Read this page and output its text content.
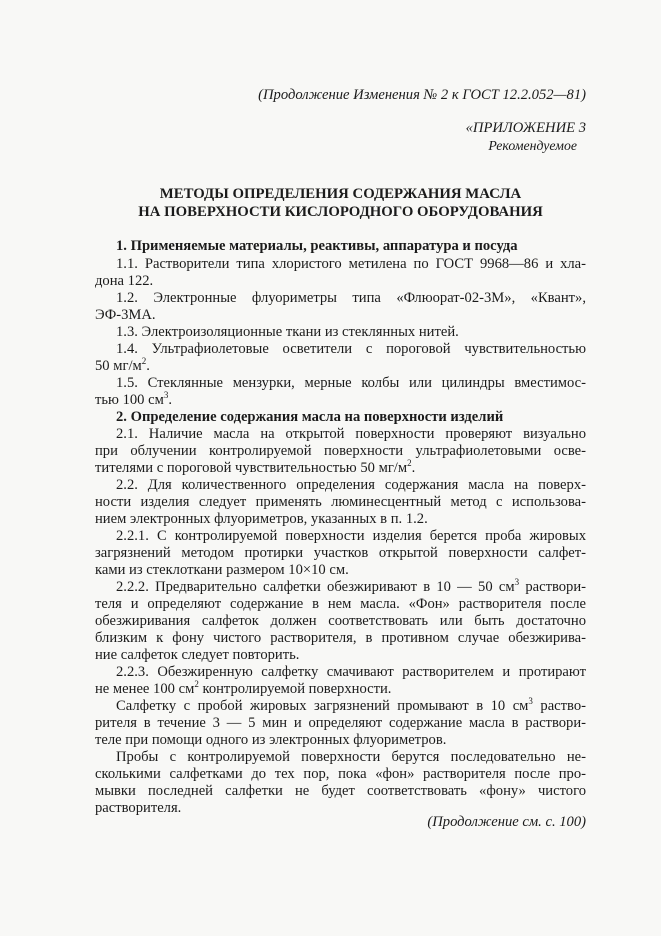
(Продолжение Изменения № 2 к ГОСТ 12.2.052—81)
«ПРИЛОЖЕНИЕ 3
Рекомендуемое
МЕТОДЫ ОПРЕДЕЛЕНИЯ СОДЕРЖАНИЯ МАСЛА
НА ПОВЕРХНОСТИ КИСЛОРОДНОГО ОБОРУДОВАНИЯ
1. Применяемые материалы, реактивы, аппаратура и посуда
1.1. Растворители типа хлористого метилена по ГОСТ 9968—86 и хла-
дона 122.
1.2. Электронные флуориметры типа «Флюорат-02-3М», «Квант»,
ЭФ-3МА.
1.3. Электроизоляционные ткани из стеклянных нитей.
1.4. Ультрафиолетовые осветители с пороговой чувствительностью
50 $мг/м^2$.
1.5. Стеклянные мензурки, мерные колбы или цилиндры вместимос-
тью 100 $см^3$.
2. Определение содержания масла на поверхности изделий
2.1. Наличие масла на открытой поверхности проверяют визуально
при облучении контролируемой поверхности ультрафиолетовыми осве-
тителями с пороговой чувствительностью 50 $мг/м^2$.
2.2. Для количественного определения содержания масла на поверх-
ности изделия следует применять люминесцентный метод с использова-
нием электронных флуориметров, указанных в п. 1.2.
2.2.1. С контролируемой поверхности изделия берется проба жировых
загрязнений методом протирки участков открытой поверхности салфет-
ками из стеклоткани размером 10×10 см.
2.2.2. Предварительно салфетки обезжиривают в 10 — 50 $см^3$ раствори-
теля и определяют содержание в нем масла. «Фон» растворителя после
обезжиривания салфеток должен соответствовать или быть достаточно
близким к фону чистого растворителя, в противном случае обезжирива-
ние салфеток следует повторить.
2.2.3. Обезжиренную салфетку смачивают растворителем и протирают
не менее 100 $см^2$ контролируемой поверхности.
Салфетку с пробой жировых загрязнений промывают в 10 $см^3$ раство-
рителя в течение 3 — 5 мин и определяют содержание масла в раствори-
теле при помощи одного из электронных флуориметров.
Пробы с контролируемой поверхности берутся последовательно не-
сколькими салфетками до тех пор, пока «фон» растворителя после про-
мывки последней салфетки не будет соответствовать «фону» чистого
растворителя.
(Продолжение см. с. 100)
